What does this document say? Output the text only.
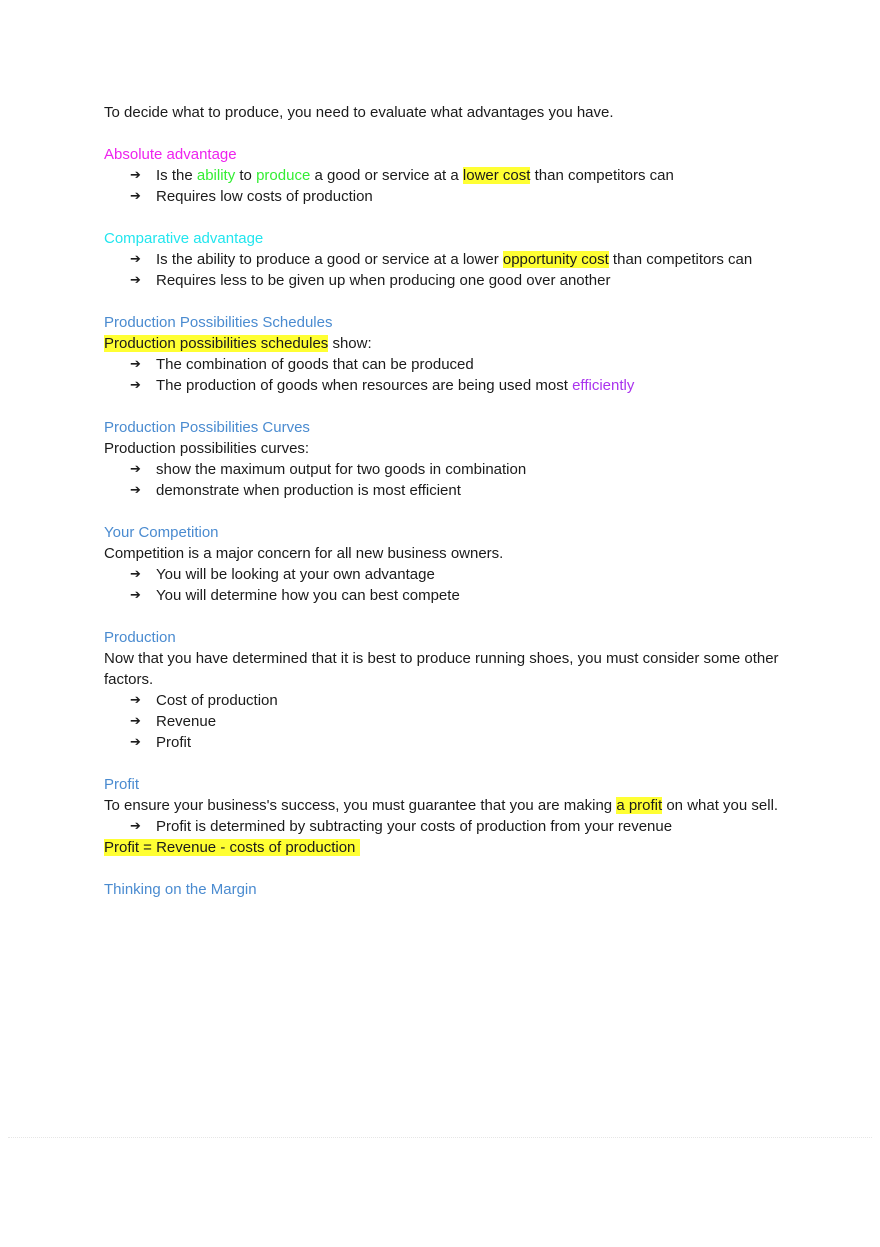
To decide what to produce, you need to evaluate what advantages you have.

Absolute advantage

➔ Is the ability to produce a good or service at a lower cost than competitors can
➔ Requires low costs of production

Comparative advantage

➔ Is the ability to produce a good or service at a lower opportunity cost than competitors can
➔ Requires less to be given up when producing one good over another

Production Possibilities Schedules

Production possibilities schedules show:

➔ The combination of goods that can be produced
➔ The production of goods when resources are being used most efficiently

Production Possibilities Curves

Production possibilities curves:

➔ show the maximum output for two goods in combination
➔ demonstrate when production is most efficient

Your Competition

Competition is a major concern for all new business owners.

➔ You will be looking at your own advantage
➔ You will determine how you can best compete

Production

Now that you have determined that it is best to produce running shoes, you must consider some other factors.

➔ Cost of production
➔ Revenue
➔ Profit

Profit

To ensure your business's success, you must guarantee that you are making a profit on what you sell.

➔ Profit is determined by subtracting your costs of production from your revenue

Profit = Revenue - costs of production

Thinking on the Margin
